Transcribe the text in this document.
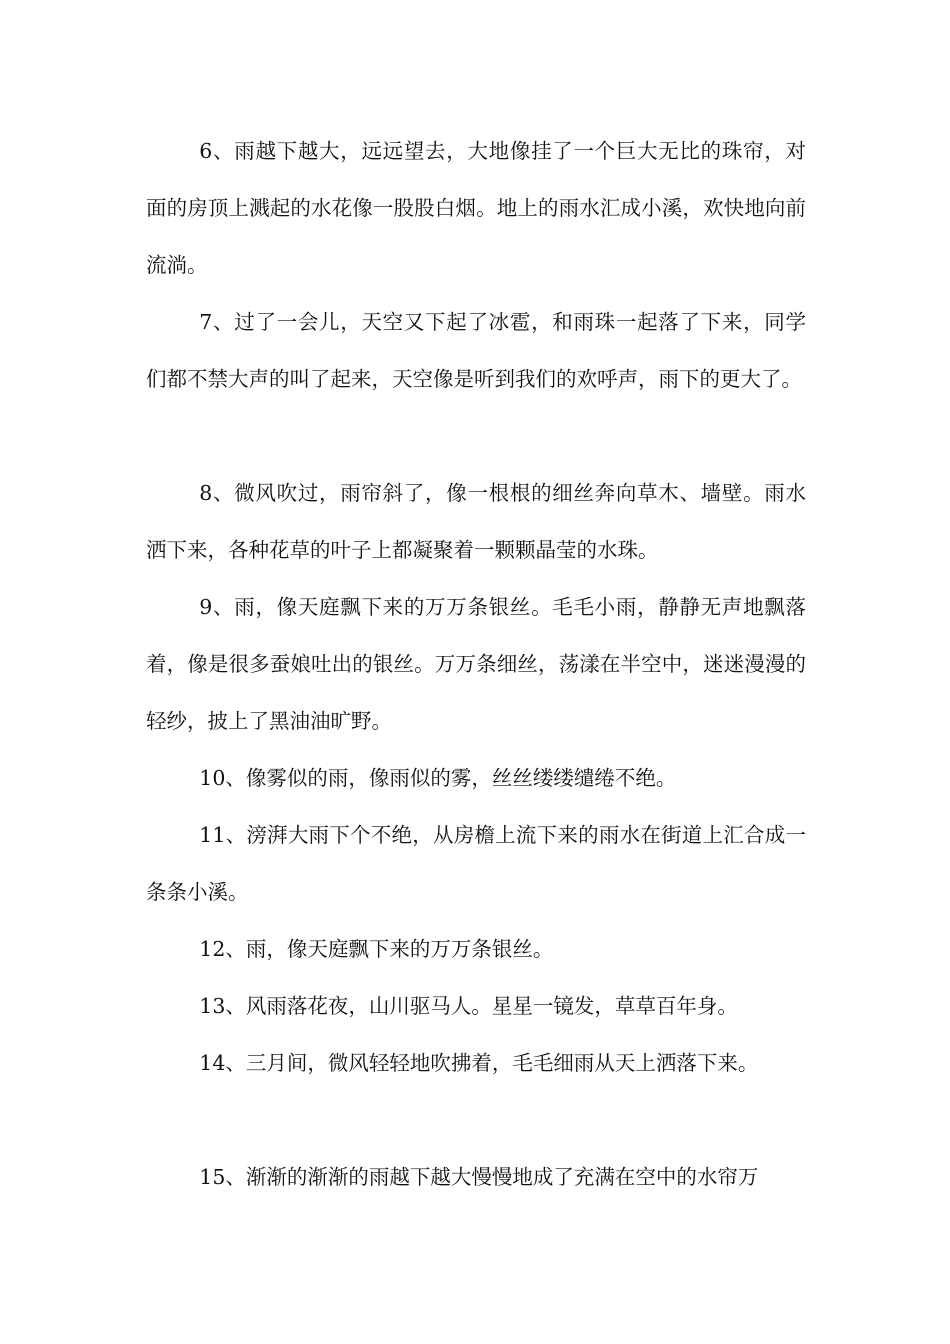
6、雨越下越大，远远望去，大地像挂了一个巨大无比的珠帘，对面的房顶上溅起的水花像一股股白烟。地上的雨水汇成小溪，欢快地向前流淌。

7、过了一会儿，天空又下起了冰雹，和雨珠一起落了下来，同学们都不禁大声的叫了起来，天空像是听到我们的欢呼声，雨下的更大了。

8、微风吹过，雨帘斜了，像一根根的细丝奔向草木、墙壁。雨水洒下来，各种花草的叶子上都凝聚着一颗颗晶莹的水珠。

9、雨，像天庭飘下来的万万条银丝。毛毛小雨，静静无声地飘落着，像是很多蚕娘吐出的银丝。万万条细丝，荡漾在半空中，迷迷漫漫的轻纱，披上了黑油油旷野。

10、像雾似的雨，像雨似的雾，丝丝缕缕缱绻不绝。

11、滂湃大雨下个不绝，从房檐上流下来的雨水在街道上汇合成一条条小溪。

12、雨，像天庭飘下来的万万条银丝。

13、风雨落花夜，山川驱马人。星星一镜发，草草百年身。

14、三月间，微风轻轻地吹拂着，毛毛细雨从天上洒落下来。

15、渐渐的渐渐的雨越下越大慢慢地成了充满在空中的水帘万
